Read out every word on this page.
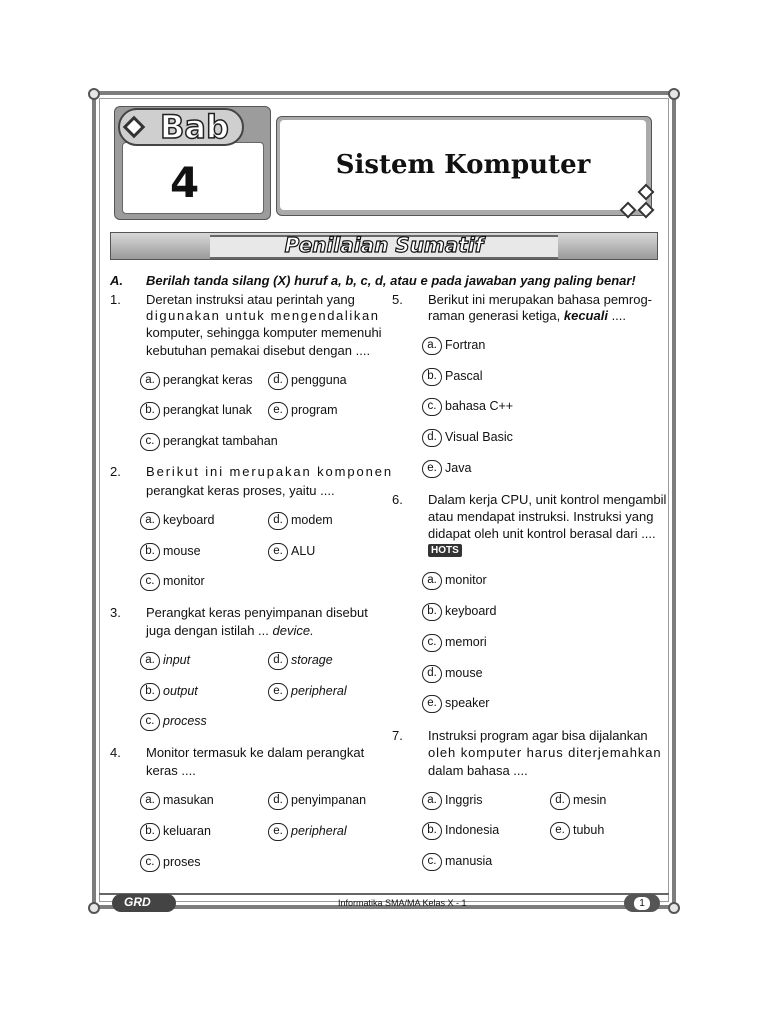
Bab
4	Sistem Komputer
Penilaian Sumatif
A. Berilah tanda silang (X) huruf a, b, c, d, atau e pada jawaban yang paling benar!
1. Deretan instruksi atau perintah yang
digunakan untuk mengendalikan
komputer, sehingga komputer memenuhi
kebutuhan pemakai disebut dengan ....
a. perangkat keras	d. pengguna
b. perangkat lunak	e. program
c. perangkat tambahan
2. Berikut ini merupakan komponen
perangkat keras proses, yaitu ....
a. keyboard	d. modem
b. mouse	e. ALU
c. monitor
3. Perangkat keras penyimpanan disebut
juga dengan istilah ... device.
a. input	d. storage
b. output	e. peripheral
c. process
4. Monitor termasuk ke dalam perangkat
keras ....
a. masukan	d. penyimpanan
b. keluaran	e. peripheral
c. proses
5. Berikut ini merupakan bahasa pemrog-
raman generasi ketiga, kecuali ....
a. Fortran
b. Pascal
c. bahasa C++
d. Visual Basic
e. Java
6. Dalam kerja CPU, unit kontrol mengambil
atau mendapat instruksi. Instruksi yang
didapat oleh unit kontrol berasal dari ....
HOTS
a. monitor
b. keyboard
c. memori
d. mouse
e. speaker
7. Instruksi program agar bisa dijalankan
oleh komputer harus diterjemahkan
dalam bahasa ....
a. Inggris	d. mesin
b. Indonesia	e. tubuh
c. manusia
GRD	Informatika SMA/MA Kelas X - 1	1
